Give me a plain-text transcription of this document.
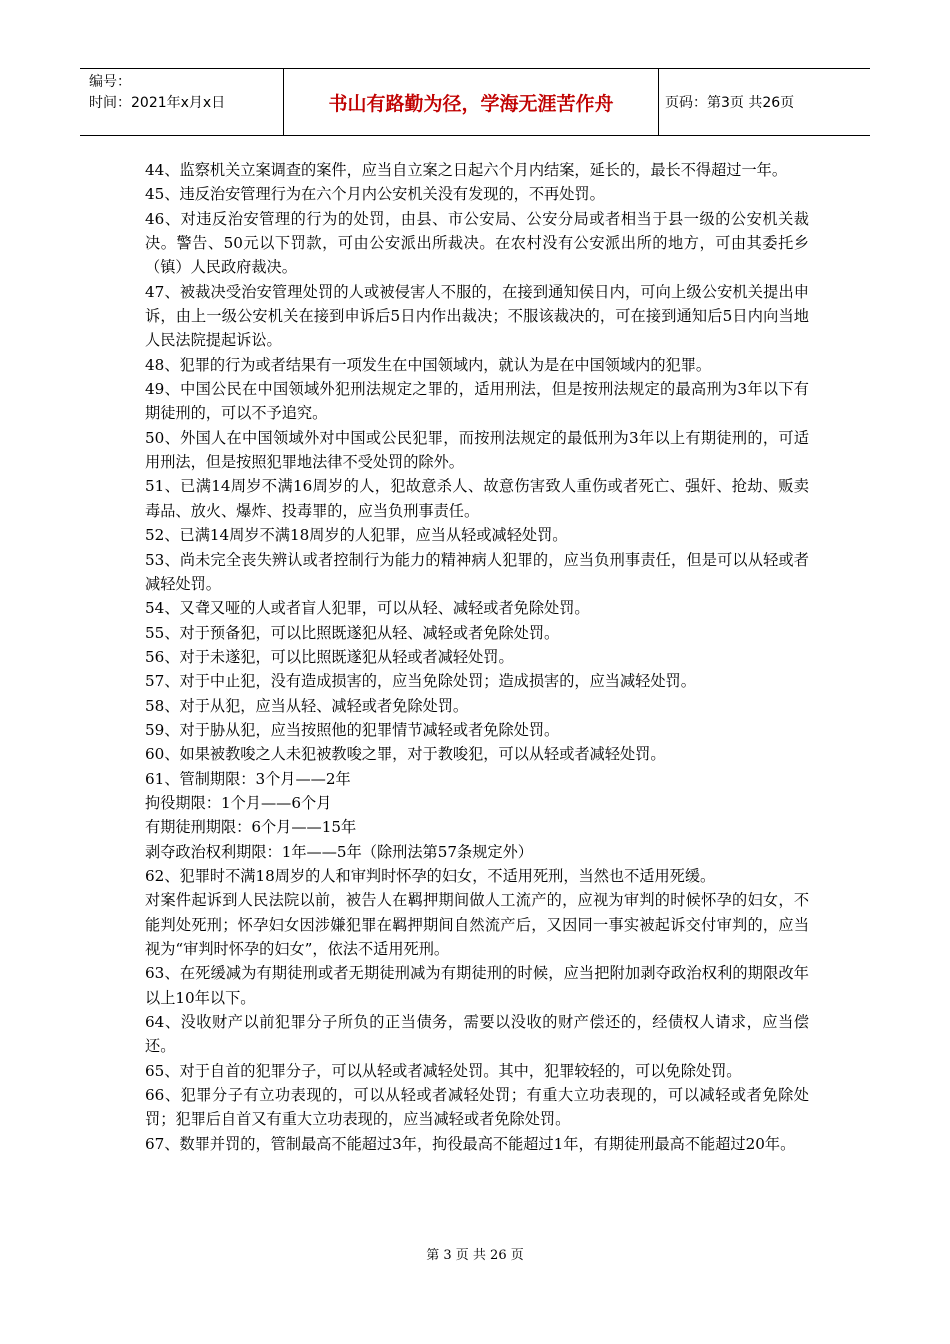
编号：
时间：2021年x月x日	书山有路勤为径，学海无涯苦作舟	页码：第3页 共26页

44、监察机关立案调查的案件，应当自立案之日起六个月内结案，延长的，最长不得超过一年。

45、违反治安管理行为在六个月内公安机关没有发现的，不再处罚。

46、对违反治安管理的行为的处罚，由县、市公安局、公安分局或者相当于县一级的公安机关裁决。警告、50元以下罚款，可由公安派出所裁决。在农村没有公安派出所的地方，可由其委托乡（镇）人民政府裁决。

47、被裁决受治安管理处罚的人或被侵害人不服的，在接到通知侯日内，可向上级公安机关提出申诉，由上一级公安机关在接到申诉后5日内作出裁决；不服该裁决的，可在接到通知后5日内向当地人民法院提起诉讼。

48、犯罪的行为或者结果有一项发生在中国领域内，就认为是在中国领域内的犯罪。

49、中国公民在中国领域外犯刑法规定之罪的，适用刑法，但是按刑法规定的最高刑为3年以下有期徒刑的，可以不予追究。

50、外国人在中国领域外对中国或公民犯罪，而按刑法规定的最低刑为3年以上有期徒刑的，可适用刑法，但是按照犯罪地法律不受处罚的除外。

51、已满14周岁不满16周岁的人，犯故意杀人、故意伤害致人重伤或者死亡、强奸、抢劫、贩卖毒品、放火、爆炸、投毒罪的，应当负刑事责任。

52、已满14周岁不满18周岁的人犯罪，应当从轻或减轻处罚。

53、尚未完全丧失辨认或者控制行为能力的精神病人犯罪的，应当负刑事责任，但是可以从轻或者减轻处罚。

54、又聋又哑的人或者盲人犯罪，可以从轻、减轻或者免除处罚。

55、对于预备犯，可以比照既遂犯从轻、减轻或者免除处罚。

56、对于未遂犯，可以比照既遂犯从轻或者减轻处罚。

57、对于中止犯，没有造成损害的，应当免除处罚；造成损害的，应当减轻处罚。

58、对于从犯，应当从轻、减轻或者免除处罚。

59、对于胁从犯，应当按照他的犯罪情节减轻或者免除处罚。

60、如果被教唆之人未犯被教唆之罪，对于教唆犯，可以从轻或者减轻处罚。

61、管制期限：3个月——2年

拘役期限：1个月——6个月

有期徒刑期限：6个月——15年

剥夺政治权利期限：1年——5年（除刑法第57条规定外）

62、犯罪时不满18周岁的人和审判时怀孕的妇女，不适用死刑，当然也不适用死缓。

对案件起诉到人民法院以前，被告人在羁押期间做人工流产的，应视为审判的时候怀孕的妇女，不能判处死刑；怀孕妇女因涉嫌犯罪在羁押期间自然流产后，又因同一事实被起诉交付审判的，应当视为“审判时怀孕的妇女”，依法不适用死刑。

63、在死缓减为有期徒刑或者无期徒刑减为有期徒刑的时候，应当把附加剥夺政治权利的期限改年以上10年以下。

64、没收财产以前犯罪分子所负的正当债务，需要以没收的财产偿还的，经债权人请求，应当偿还。

65、对于自首的犯罪分子，可以从轻或者减轻处罚。其中，犯罪较轻的，可以免除处罚。

66、犯罪分子有立功表现的，可以从轻或者减轻处罚；有重大立功表现的，可以减轻或者免除处罚；犯罪后自首又有重大立功表现的，应当减轻或者免除处罚。

67、数罪并罚的，管制最高不能超过3年，拘役最高不能超过1年，有期徒刑最高不能超过20年。

第 3 页 共 26 页
